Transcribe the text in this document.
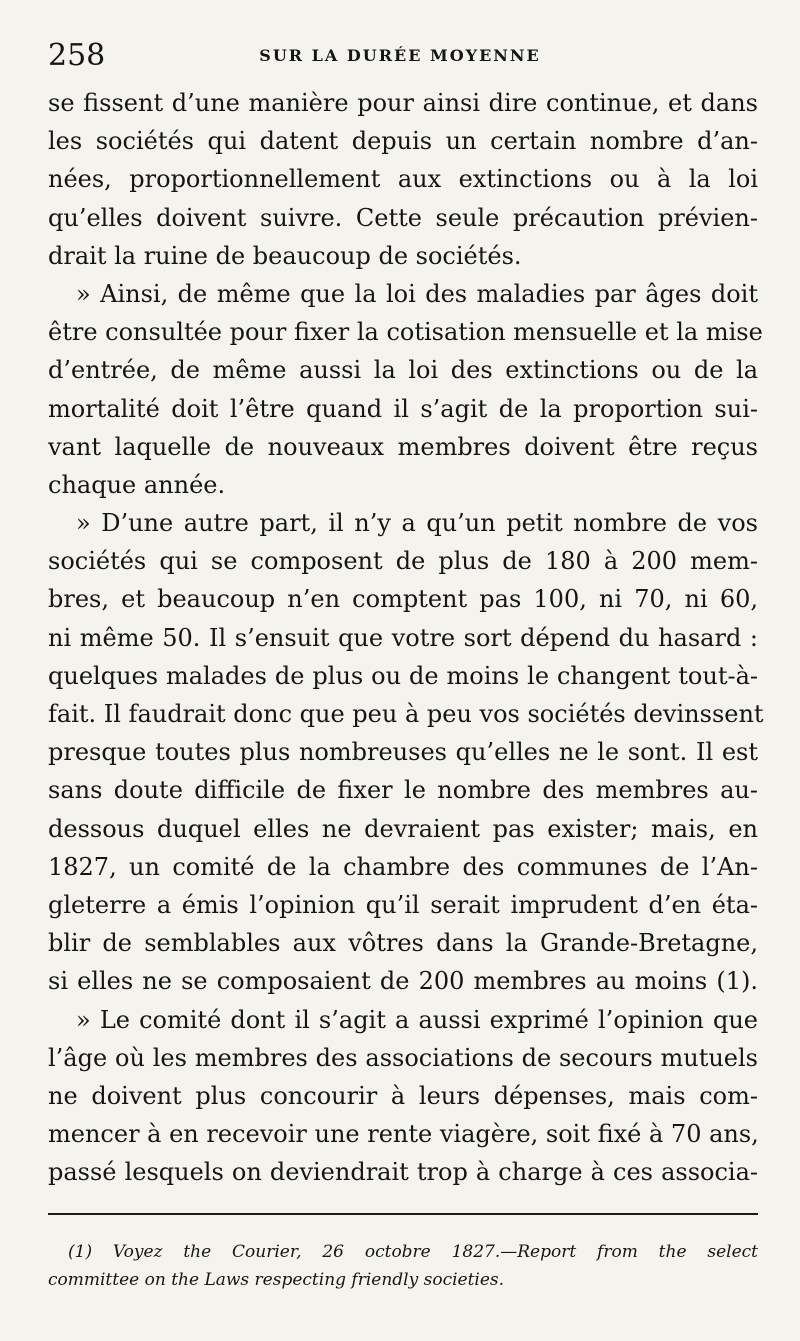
258	SUR LA DURÉE MOYENNE
se fissent d’une manière pour ainsi dire continue, et dans
les sociétés qui datent depuis un certain nombre d’an-
nées, proportionnellement aux extinctions ou à la loi
qu’elles doivent suivre. Cette seule précaution prévien-
drait la ruine de beaucoup de sociétés.
» Ainsi, de même que la loi des maladies par âges doit
être consultée pour fixer la cotisation mensuelle et la mise
d’entrée, de même aussi la loi des extinctions ou de la
mortalité doit l’être quand il s’agit de la proportion sui-
vant laquelle de nouveaux membres doivent être reçus
chaque année.
» D’une autre part, il n’y a qu’un petit nombre de vos
sociétés qui se composent de plus de 180 à 200 mem-
bres, et beaucoup n’en comptent pas 100, ni 70, ni 60,
ni même 50. Il s’ensuit que votre sort dépend du hasard :
quelques malades de plus ou de moins le changent tout-à-
fait. Il faudrait donc que peu à peu vos sociétés devinssent
presque toutes plus nombreuses qu’elles ne le sont. Il est
sans doute difficile de fixer le nombre des membres au-
dessous duquel elles ne devraient pas exister; mais, en
1827, un comité de la chambre des communes de l’An-
gleterre a émis l’opinion qu’il serait imprudent d’en éta-
blir de semblables aux vôtres dans la Grande-Bretagne,
si elles ne se composaient de 200 membres au moins (1).
» Le comité dont il s’agit a aussi exprimé l’opinion que
l’âge où les membres des associations de secours mutuels
ne doivent plus concourir à leurs dépenses, mais com-
mencer à en recevoir une rente viagère, soit fixé à 70 ans,
passé lesquels on deviendrait trop à charge à ces associa-
(1) Voyez the Courier, 26 octobre 1827.—Report from the select
committee on the Laws respecting friendly societies.
